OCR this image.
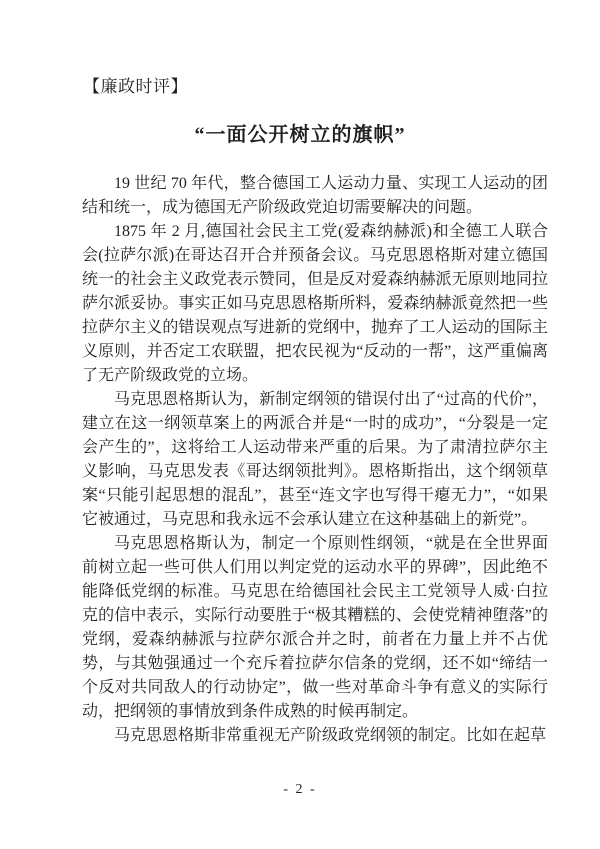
【廉政时评】
“一面公开树立的旗帜”

19 世纪 70 年代，整合德国工人运动力量、实现工人运动的团结和统一，成为德国无产阶级政党迫切需要解决的问题。

1875 年 2 月,德国社会民主工党(爱森纳赫派)和全德工人联合会(拉萨尔派)在哥达召开合并预备会议。马克思恩格斯对建立德国统一的社会主义政党表示赞同，但是反对爱森纳赫派无原则地同拉萨尔派妥协。事实正如马克思恩格斯所料，爱森纳赫派竟然把一些拉萨尔主义的错误观点写进新的党纲中，抛弃了工人运动的国际主义原则，并否定工农联盟，把农民视为“反动的一帮”，这严重偏离了无产阶级政党的立场。

马克思恩格斯认为，新制定纲领的错误付出了“过高的代价”，建立在这一纲领草案上的两派合并是“一时的成功”，“分裂是一定会产生的”，这将给工人运动带来严重的后果。为了肃清拉萨尔主义影响，马克思发表《哥达纲领批判》。恩格斯指出，这个纲领草案“只能引起思想的混乱”，甚至“连文字也写得干瘪无力”，“如果它被通过，马克思和我永远不会承认建立在这种基础上的新党”。

马克思恩格斯认为，制定一个原则性纲领，“就是在全世界面前树立起一些可供人们用以判定党的运动水平的界碑”，因此绝不能降低党纲的标准。马克思在给德国社会民主工党领导人威·白拉克的信中表示，实际行动要胜于“极其糟糕的、会使党精神堕落”的党纲，爱森纳赫派与拉萨尔派合并之时，前者在力量上并不占优势，与其勉强通过一个充斥着拉萨尔信条的党纲，还不如“缔结一个反对共同敌人的行动协定”，做一些对革命斗争有意义的实际行动，把纲领的事情放到条件成熟的时候再制定。

马克思恩格斯非常重视无产阶级政党纲领的制定。比如在起草

- 2 -
